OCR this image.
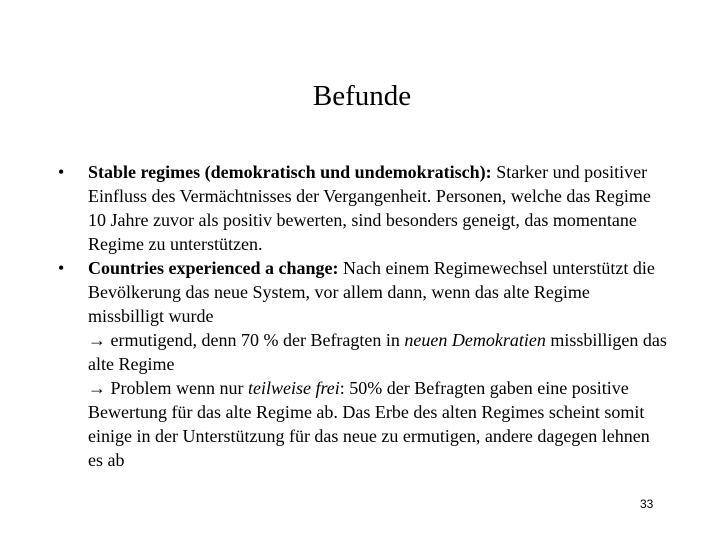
Befunde
•	Stable regimes (demokratisch und undemokratisch): Starker und positiver Einfluss des Vermächtnisses der Vergangenheit. Personen, welche das Regime 10 Jahre zuvor als positiv bewerten, sind besonders geneigt, das momentane Regime zu unterstützen.
•	Countries experienced a change: Nach einem Regimewechsel unterstützt die Bevölkerung das neue System, vor allem dann, wenn das alte Regime missbilligt wurde
→ ermutigend, denn 70 % der Befragten in neuen Demokratien missbilligen das alte Regime
→ Problem wenn nur teilweise frei: 50% der Befragten gaben eine positive Bewertung für das alte Regime ab. Das Erbe des alten Regimes scheint somit einige in der Unterstützung für das neue zu ermutigen, andere dagegen lehnen es ab
33
